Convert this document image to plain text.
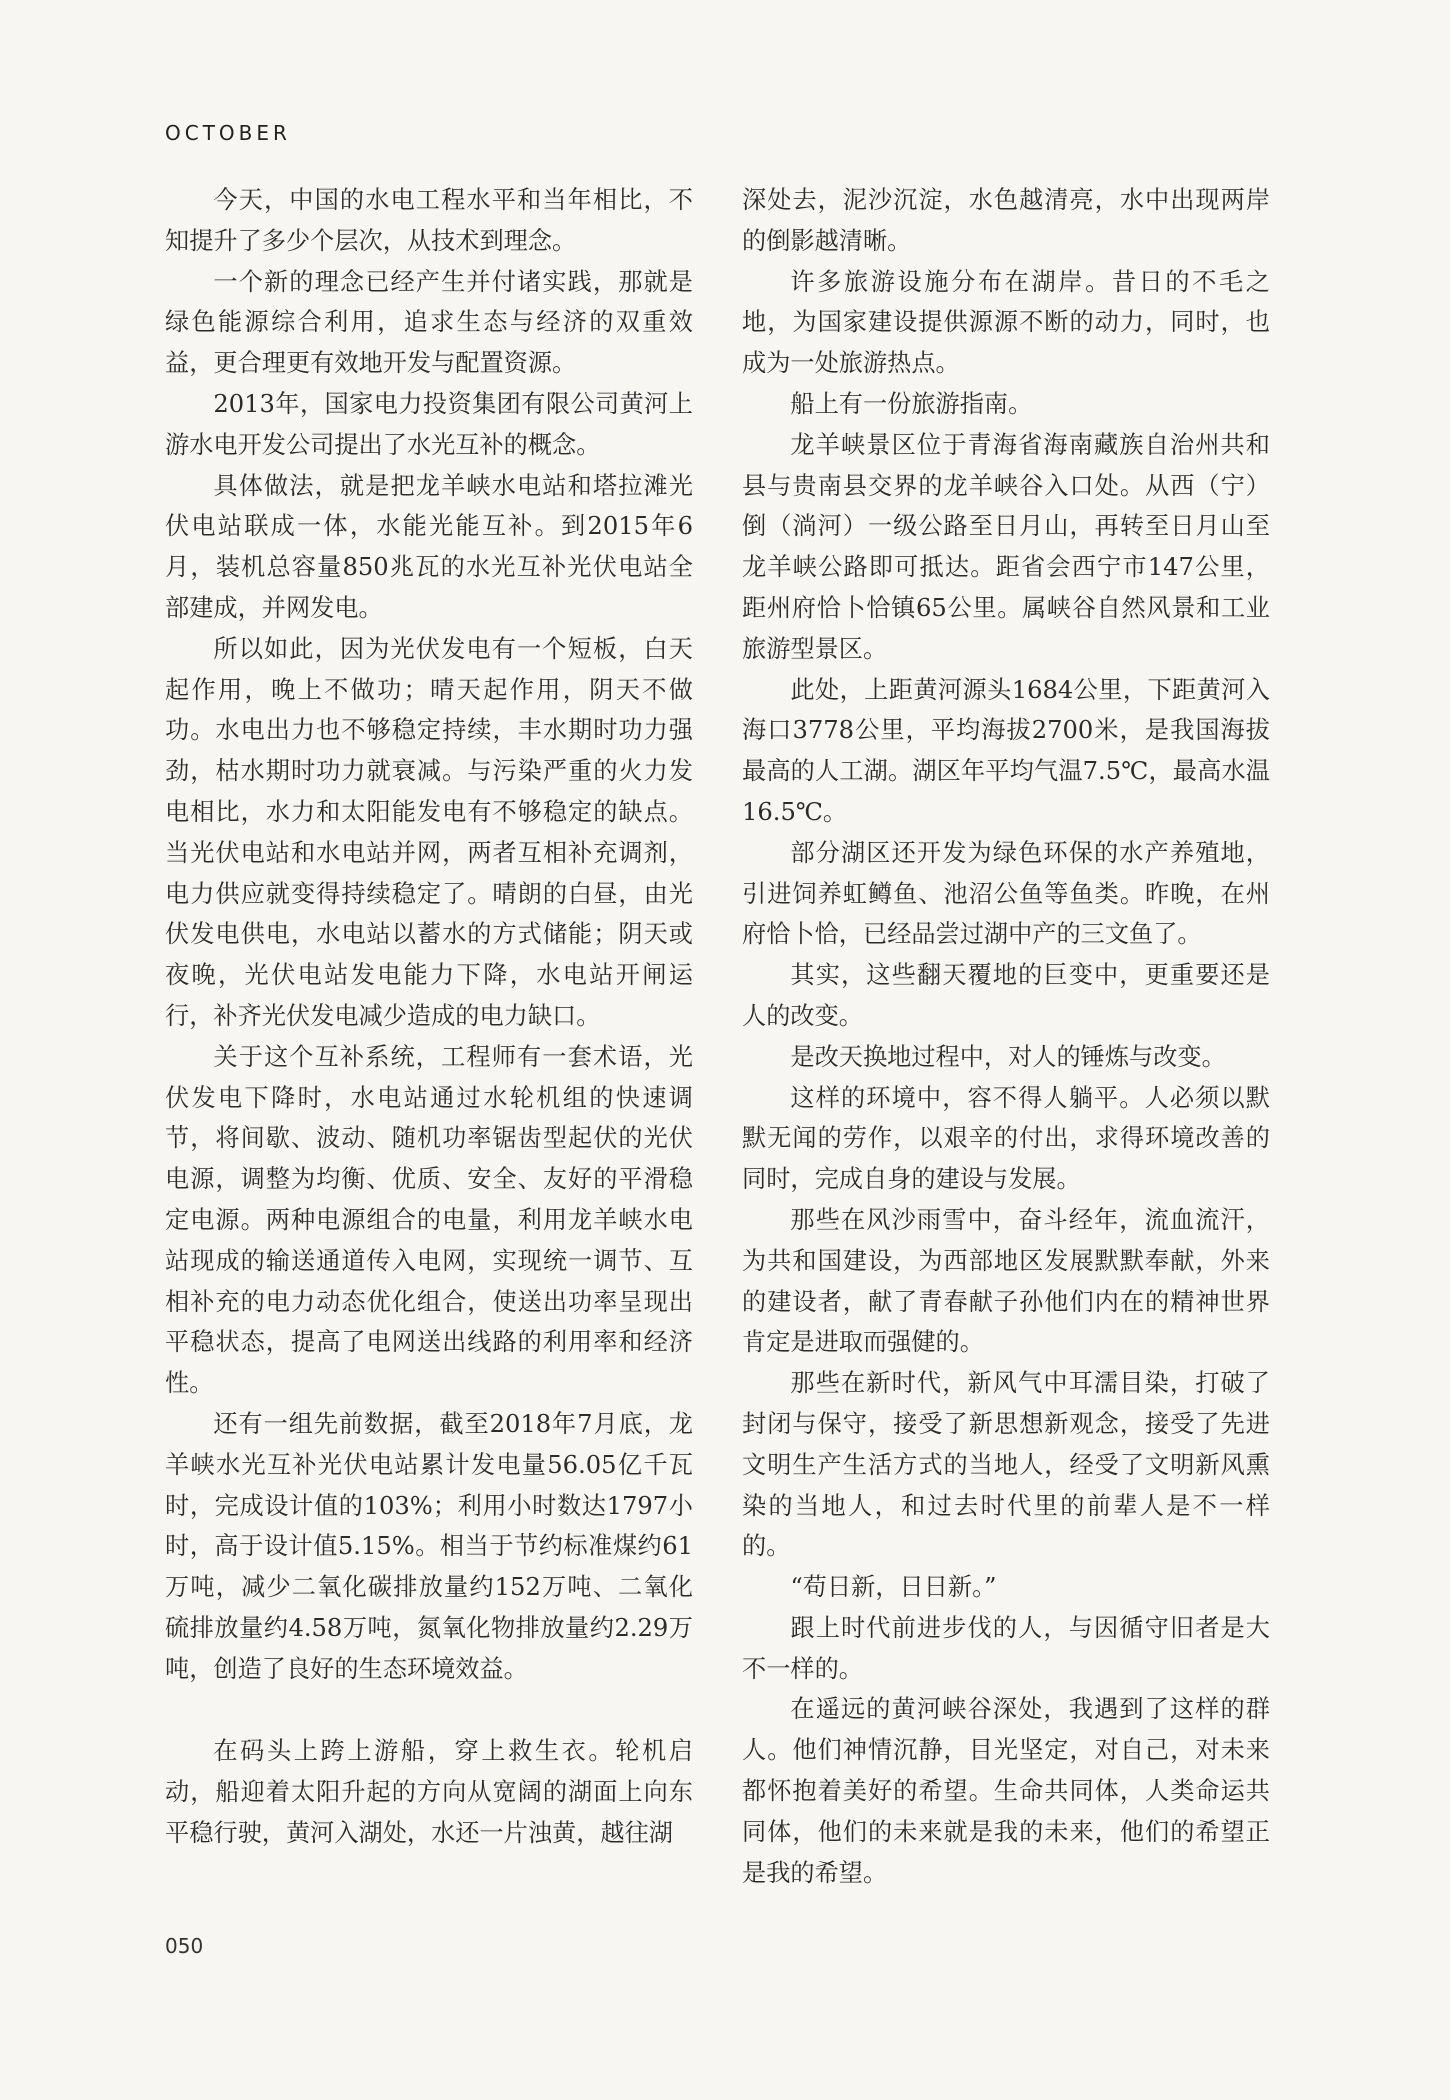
OCTOBER

今天，中国的水电工程水平和当年相比，不知提升了多少个层次，从技术到理念。

一个新的理念已经产生并付诸实践，那就是绿色能源综合利用，追求生态与经济的双重效益，更合理更有效地开发与配置资源。

2013年，国家电力投资集团有限公司黄河上游水电开发公司提出了水光互补的概念。

具体做法，就是把龙羊峡水电站和塔拉滩光伏电站联成一体，水能光能互补。到2015年6月，装机总容量850兆瓦的水光互补光伏电站全部建成，并网发电。

所以如此，因为光伏发电有一个短板，白天起作用，晚上不做功；晴天起作用，阴天不做功。水电出力也不够稳定持续，丰水期时功力强劲，枯水期时功力就衰减。与污染严重的火力发电相比，水力和太阳能发电有不够稳定的缺点。当光伏电站和水电站并网，两者互相补充调剂，电力供应就变得持续稳定了。晴朗的白昼，由光伏发电供电，水电站以蓄水的方式储能；阴天或夜晚，光伏电站发电能力下降，水电站开闸运行，补齐光伏发电减少造成的电力缺口。

关于这个互补系统，工程师有一套术语，光伏发电下降时，水电站通过水轮机组的快速调节，将间歇、波动、随机功率锯齿型起伏的光伏电源，调整为均衡、优质、安全、友好的平滑稳定电源。两种电源组合的电量，利用龙羊峡水电站现成的输送通道传入电网，实现统一调节、互相补充的电力动态优化组合，使送出功率呈现出平稳状态，提高了电网送出线路的利用率和经济性。

还有一组先前数据，截至2018年7月底，龙羊峡水光互补光伏电站累计发电量56.05亿千瓦时，完成设计值的103%；利用小时数达1797小时，高于设计值5.15%。相当于节约标准煤约61万吨，减少二氧化碳排放量约152万吨、二氧化硫排放量约4.58万吨，氮氧化物排放量约2.29万吨，创造了良好的生态环境效益。

在码头上跨上游船，穿上救生衣。轮机启动，船迎着太阳升起的方向从宽阔的湖面上向东平稳行驶，黄河入湖处，水还一片浊黄，越往湖

深处去，泥沙沉淀，水色越清亮，水中出现两岸的倒影越清晰。

许多旅游设施分布在湖岸。昔日的不毛之地，为国家建设提供源源不断的动力，同时，也成为一处旅游热点。

船上有一份旅游指南。

龙羊峡景区位于青海省海南藏族自治州共和县与贵南县交界的龙羊峡谷入口处。从西（宁）倒（淌河）一级公路至日月山，再转至日月山至龙羊峡公路即可抵达。距省会西宁市147公里，距州府恰卜恰镇65公里。属峡谷自然风景和工业旅游型景区。

此处，上距黄河源头1684公里，下距黄河入海口3778公里，平均海拔2700米，是我国海拔最高的人工湖。湖区年平均气温7.5℃，最高水温16.5℃。

部分湖区还开发为绿色环保的水产养殖地，引进饲养虹鳟鱼、池沼公鱼等鱼类。昨晚，在州府恰卜恰，已经品尝过湖中产的三文鱼了。

其实，这些翻天覆地的巨变中，更重要还是人的改变。

是改天换地过程中，对人的锤炼与改变。

这样的环境中，容不得人躺平。人必须以默默无闻的劳作，以艰辛的付出，求得环境改善的同时，完成自身的建设与发展。

那些在风沙雨雪中，奋斗经年，流血流汗，为共和国建设，为西部地区发展默默奉献，外来的建设者，献了青春献子孙他们内在的精神世界肯定是进取而强健的。

那些在新时代，新风气中耳濡目染，打破了封闭与保守，接受了新思想新观念，接受了先进文明生产生活方式的当地人，经受了文明新风熏染的当地人，和过去时代里的前辈人是不一样的。

“苟日新，日日新。”

跟上时代前进步伐的人，与因循守旧者是大不一样的。

在遥远的黄河峡谷深处，我遇到了这样的群人。他们神情沉静，目光坚定，对自己，对未来都怀抱着美好的希望。生命共同体，人类命运共同体，他们的未来就是我的未来，他们的希望正是我的希望。

050
